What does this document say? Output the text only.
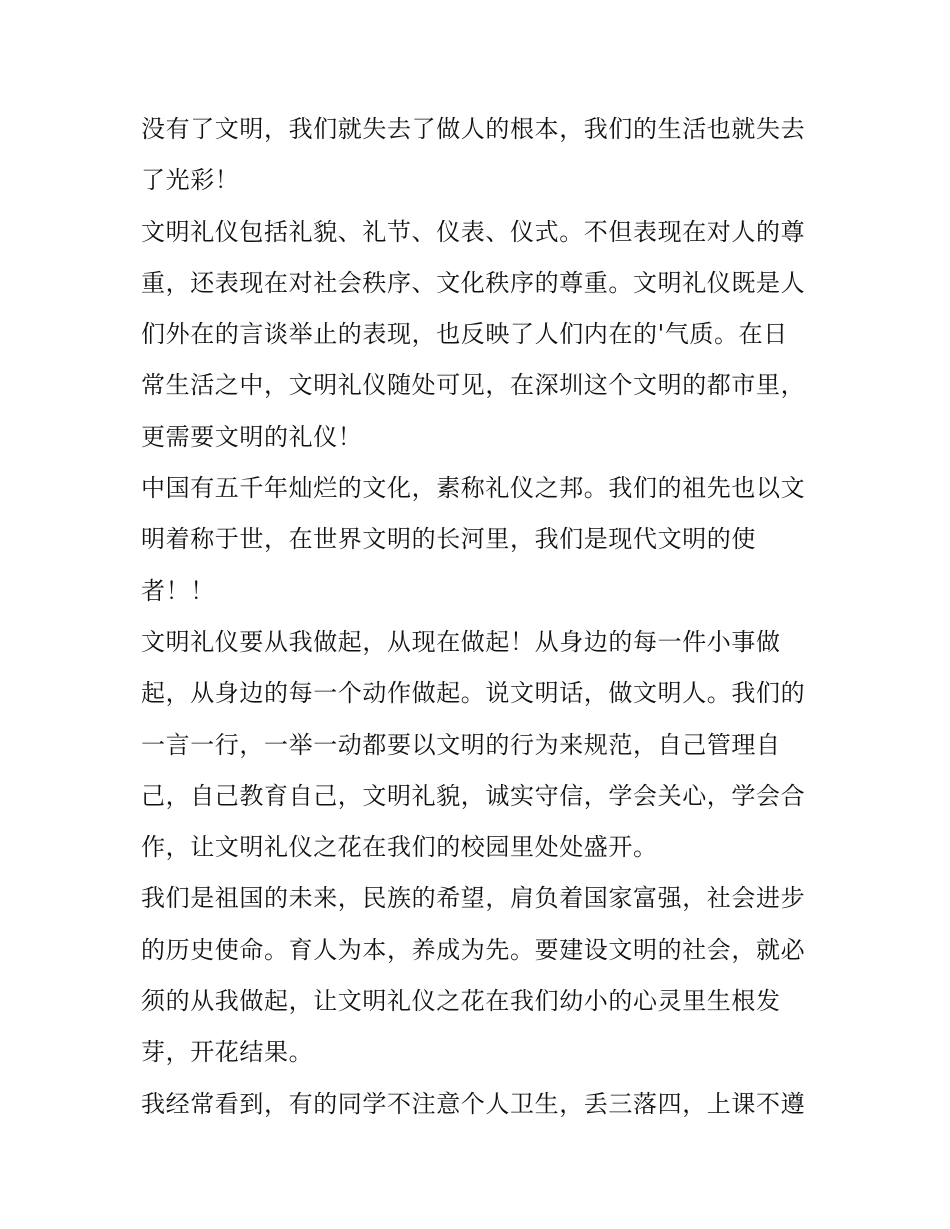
没有了文明，我们就失去了做人的根本，我们的生活也就失去
了光彩！
文明礼仪包括礼貌、礼节、仪表、仪式。不但表现在对人的尊
重，还表现在对社会秩序、文化秩序的尊重。文明礼仪既是人
们外在的言谈举止的表现，也反映了人们内在的'气质。在日
常生活之中，文明礼仪随处可见，在深圳这个文明的都市里，
更需要文明的礼仪！
中国有五千年灿烂的文化，素称礼仪之邦。我们的祖先也以文
明着称于世，在世界文明的长河里，我们是现代文明的使
者！！
文明礼仪要从我做起，从现在做起！从身边的每一件小事做
起，从身边的每一个动作做起。说文明话，做文明人。我们的
一言一行，一举一动都要以文明的行为来规范，自己管理自
己，自己教育自己，文明礼貌，诚实守信，学会关心，学会合
作，让文明礼仪之花在我们的校园里处处盛开。
我们是祖国的未来，民族的希望，肩负着国家富强，社会进步
的历史使命。育人为本，养成为先。要建设文明的社会，就必
须的从我做起，让文明礼仪之花在我们幼小的心灵里生根发
芽，开花结果。
我经常看到，有的同学不注意个人卫生，丢三落四，上课不遵
